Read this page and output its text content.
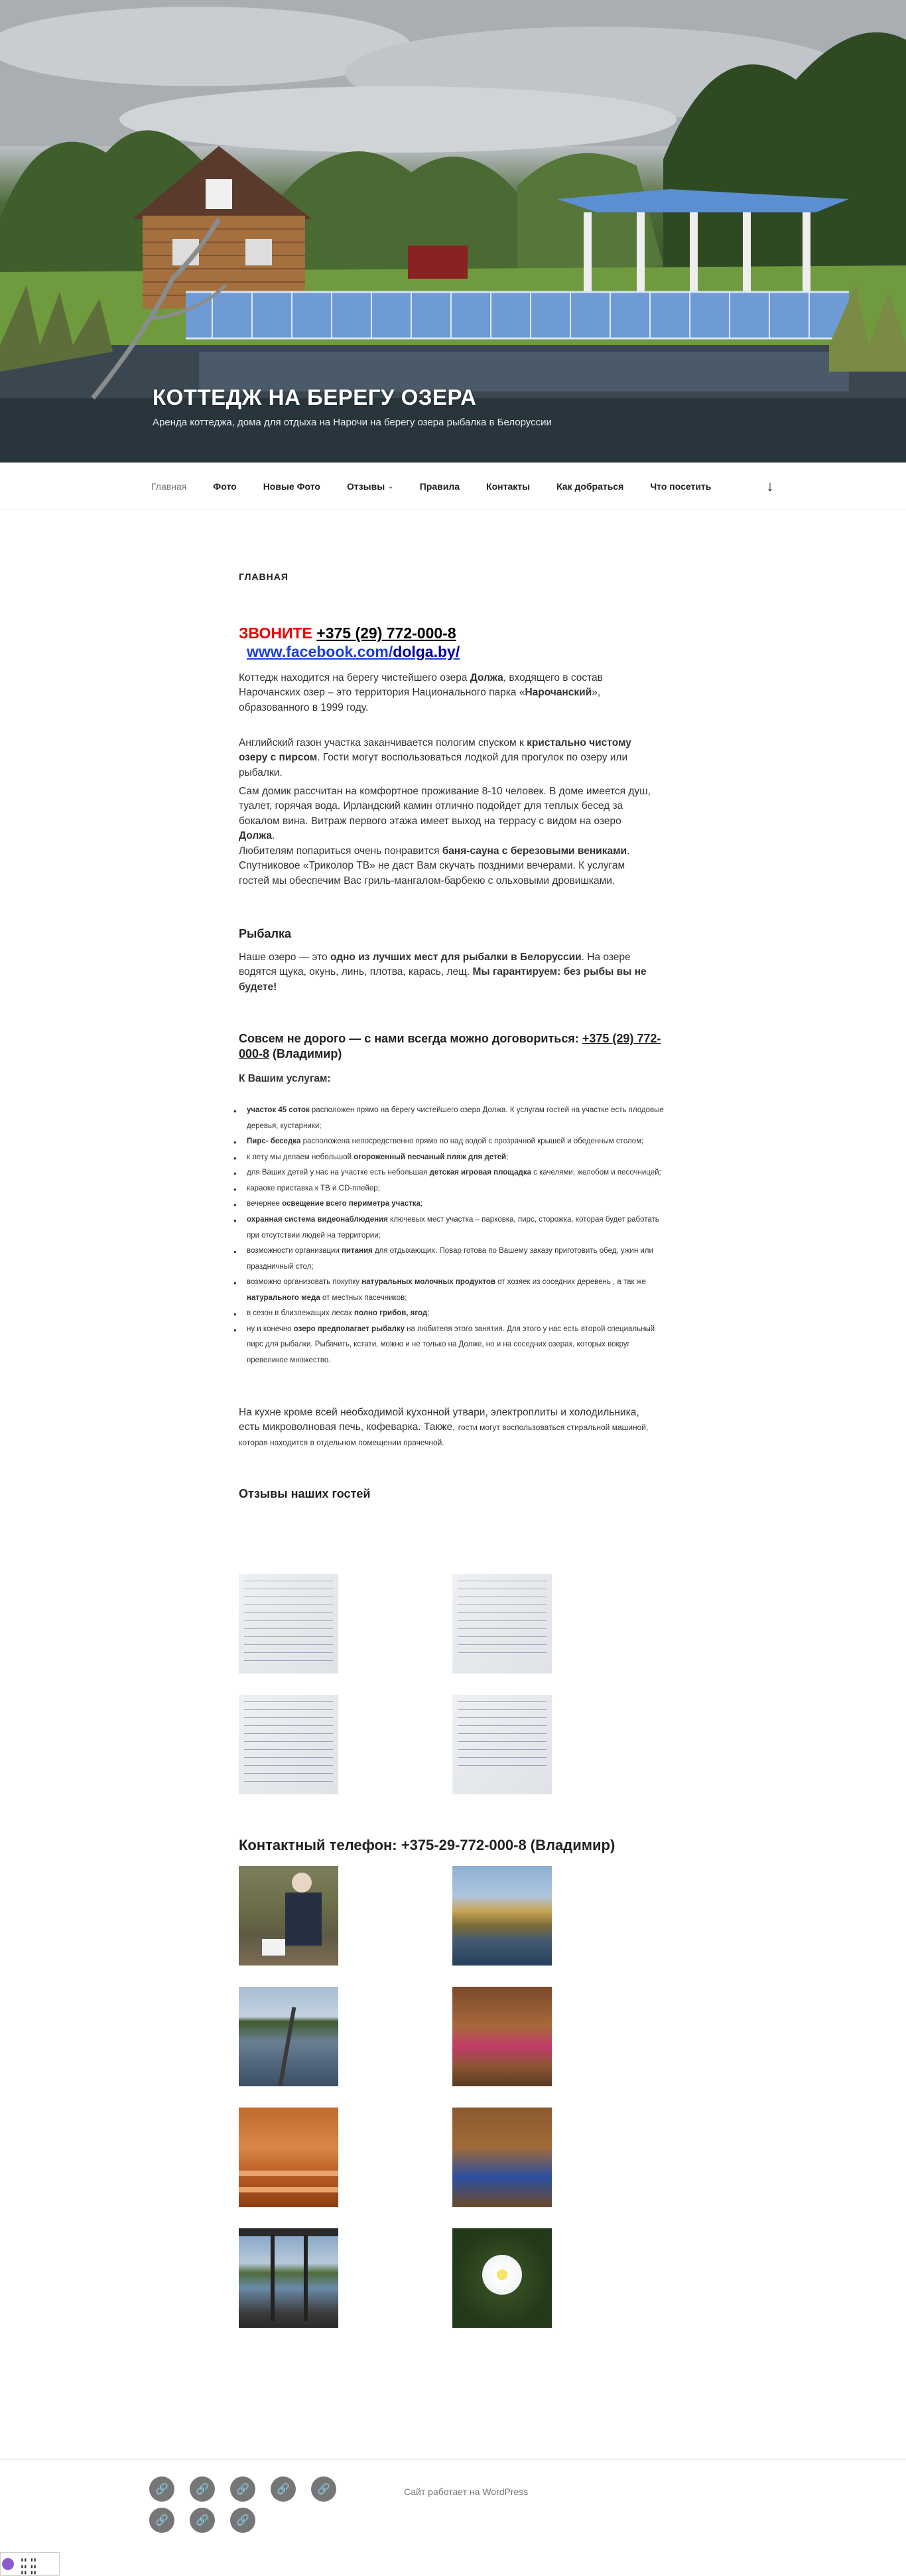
КОТТЕДЖ НА БЕРЕГУ ОЗЕРА
Аренда коттеджа, дома для отдыха на Нарочи на берегу озера рыбалка в Белоруссии
Главная	Фото	Новые Фото	Отзывы ⌄	Правила	Контакты	Как добраться	Что посетить	↓
ГЛАВНАЯ
ЗВОНИТЕ +375 (29) 772-000-8
www.facebook.com/dolga.by/

Коттедж находится на берегу чистейшего озера Должа, входящего в состав Нарочанских озер – это территория Национального парка «Нарочанский», образованного в 1999 году.

Английский газон участка заканчивается пологим спуском к кристально чистому озеру с пирсом. Гости могут воспользоваться лодкой для прогулок по озеру или рыбалки.

Сам домик рассчитан на комфортное проживание 8-10 человек. В доме имеется душ, туалет, горячая вода. Ирландский камин отлично подойдет для теплых бесед за бокалом вина. Витраж первого этажа имеет выход на террасу с видом на озеро Должа.
Любителям попариться очень понравится баня-сауна с березовыми вениками. Спутниковое «Триколор ТВ» не даст Вам скучать поздними вечерами. К услугам гостей мы обеспечим Вас гриль-мангалом-барбекю с ольховыми дровишками.

Рыбалка

Наше озеро — это одно из лучших мест для рыбалки в Белоруссии. На озере водятся щука, окунь, линь, плотва, карась, лещ. Мы гарантируем: без рыбы вы не будете!

Совсем не дорого — с нами всегда можно договориться: +375 (29) 772-000-8 (Владимир)
К Вашим услугам:
• участок 45 соток расположен прямо на берегу чистейшего озера Должа. К услугам гостей на участке есть плодовые деревья, кустарники;
• Пирс- беседка расположена непосредственно прямо по над водой с прозрачной крышей и обеденным столом;
• к лету мы делаем небольшой огороженный песчаный пляж для детей;
• для Ваших детей у нас на участке есть небольшая детская игровая площадка с качелями, желобом и песочницей;
• караоке приставка к ТВ и CD-плейер;
• вечернее освещение всего периметра участка;
• охранная система видеонаблюдения ключевых мест участка – парковка, пирс, сторожка, которая будет работать при отсутствии людей на территории;
• возможности организации питания для отдыхающих. Повар готова по Вашему заказу приготовить обед, ужин или праздничный стол;
• возможно организовать покупку натуральных молочных продуктов от хозяек из соседних деревень , а так же натурального меда от местных пасечников;
• в сезон в близлежащих лесах полно грибов, ягод;
• ну и конечно озеро предполагает рыбалку на любителя этого занятия. Для этого у нас есть второй специальный пирс для рыбалки. Рыбачить, кстати, можно и не только на Долже, но и на соседних озерах, которых вокруг превеликое множество.

На кухне кроме всей необходимой кухонной утвари, электроплиты и холодильника, есть микроволновая печь, кофеварка. Также, гости могут воспользоваться стиральной машиной, которая находится в отдельном помещении прачечной.

Отзывы наших гостей
Контактный телефон: +375-29-772-000-8 (Владимир)
🔗	🔗	🔗	🔗	🔗
🔗	🔗	🔗
Сайт работает на WordPress
▮▮ ▮▮
▮▮ ▮▮
▮▮ ▮▮
